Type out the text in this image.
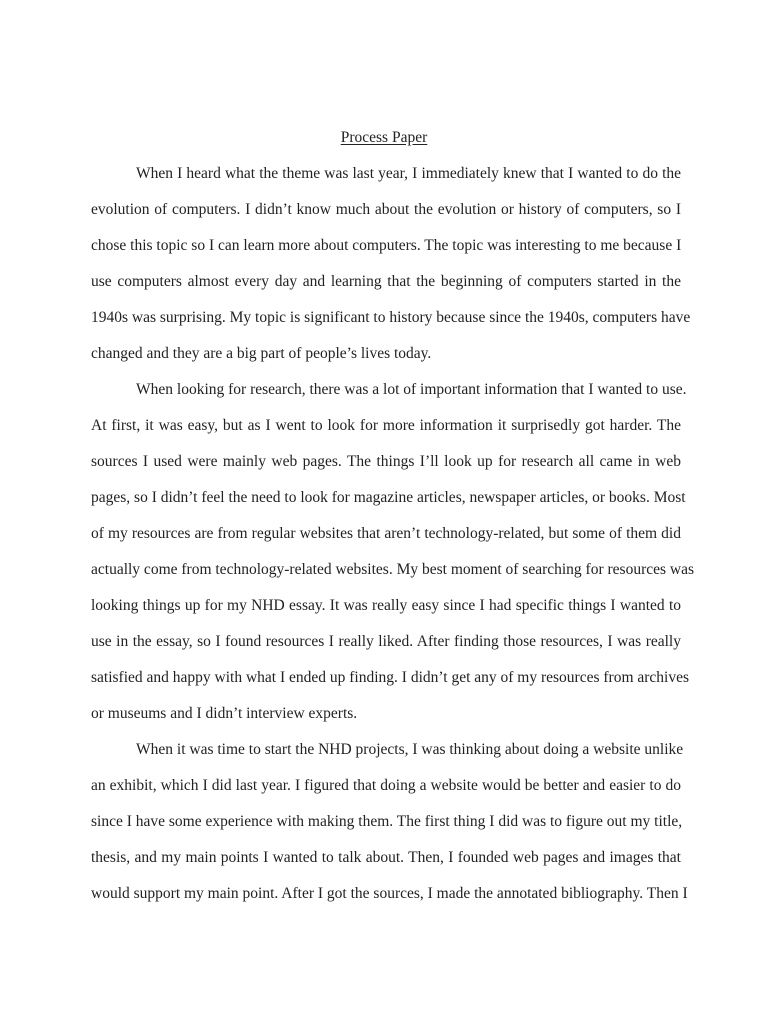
Process Paper
When I heard what the theme was last year, I immediately knew that I wanted to do the
evolution of computers. I didn’t know much about the evolution or history of computers, so I
chose this topic so I can learn more about computers. The topic was interesting to me because I
use computers almost every day and learning that the beginning of computers started in the
1940s was surprising. My topic is significant to history because since the 1940s, computers have
changed and they are a big part of people’s lives today.
When looking for research, there was a lot of important information that I wanted to use.
At first, it was easy, but as I went to look for more information it surprisedly got harder. The
sources I used were mainly web pages. The things I’ll look up for research all came in web
pages, so I didn’t feel the need to look for magazine articles, newspaper articles, or books. Most
of my resources are from regular websites that aren’t technology-related, but some of them did
actually come from technology-related websites. My best moment of searching for resources was
looking things up for my NHD essay. It was really easy since I had specific things I wanted to
use in the essay, so I found resources I really liked. After finding those resources, I was really
satisfied and happy with what I ended up finding. I didn’t get any of my resources from archives
or museums and I didn’t interview experts.
When it was time to start the NHD projects, I was thinking about doing a website unlike
an exhibit, which I did last year. I figured that doing a website would be better and easier to do
since I have some experience with making them. The first thing I did was to figure out my title,
thesis, and my main points I wanted to talk about. Then, I founded web pages and images that
would support my main point. After I got the sources, I made the annotated bibliography. Then I
